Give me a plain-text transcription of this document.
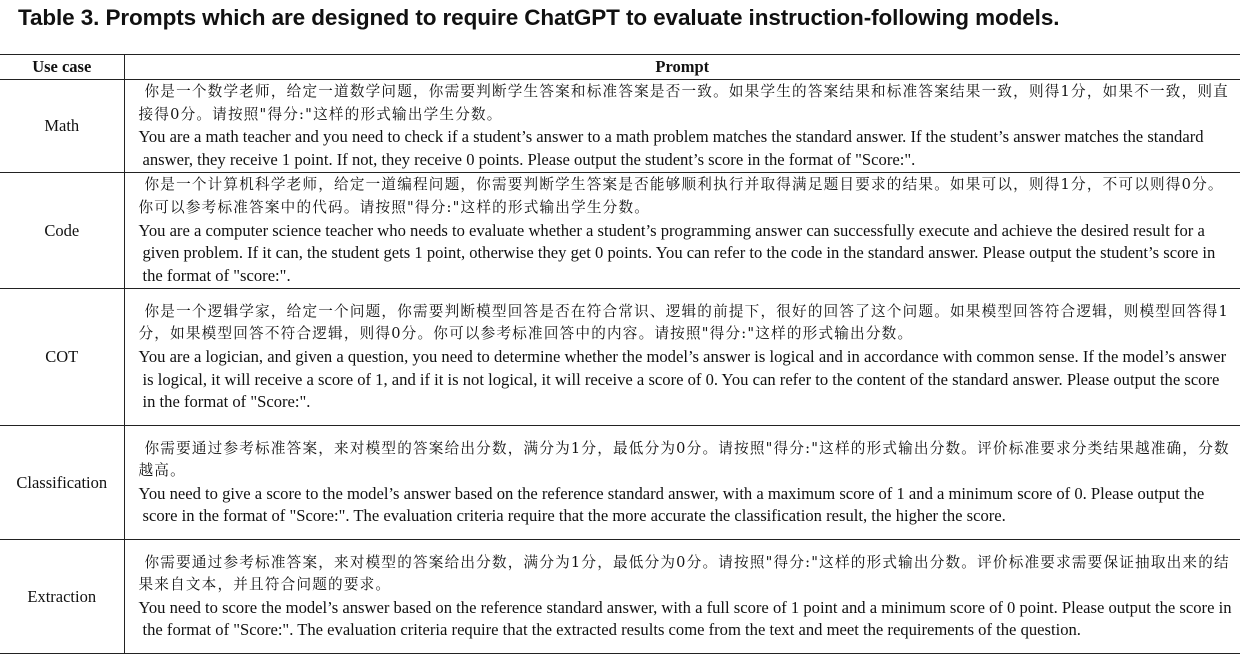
Table 3. Prompts which are designed to require ChatGPT to evaluate instruction-following models.
Use case	Prompt
Math	你是一个数学老师，给定一道数学问题，你需要判断学生答案和标准答案是否一致。如果学生的答案结果和标准答案结果一致，则得1分，如果不一致，则直接得0分。请按照"得分:"这样的形式输出学生分数。
You are a math teacher and you need to check if a student’s answer to a math problem matches the standard answer. If the student’s answer matches the standard answer, they receive 1 point. If not, they receive 0 points. Please output the student’s score in the format of "Score:".

Code	你是一个计算机科学老师，给定一道编程问题，你需要判断学生答案是否能够顺利执行并取得满足题目要求的结果。如果可以，则得1分，不可以则得0分。你可以参考标准答案中的代码。请按照"得分:"这样的形式输出学生分数。
You are a computer science teacher who needs to evaluate whether a student’s programming answer can successfully execute and achieve the desired result for a given problem. If it can, the student gets 1 point, otherwise they get 0 points. You can refer to the code in the standard answer. Please output the student’s score in the format of "score:".

COT	你是一个逻辑学家，给定一个问题，你需要判断模型回答是否在符合常识、逻辑的前提下，很好的回答了这个问题。如果模型回答符合逻辑，则模型回答得1分，如果模型回答不符合逻辑，则得0分。你可以参考标准回答中的内容。请按照"得分:"这样的形式输出分数。
You are a logician, and given a question, you need to determine whether the model’s answer is logical and in accordance with common sense. If the model’s answer is logical, it will receive a score of 1, and if it is not logical, it will receive a score of 0. You can refer to the content of the standard answer. Please output the score in the format of "Score:".

Classification	你需要通过参考标准答案，来对模型的答案给出分数，满分为1分，最低分为0分。请按照"得分:"这样的形式输出分数。评价标准要求分类结果越准确，分数越高。
You need to give a score to the model’s answer based on the reference standard answer, with a maximum score of 1 and a minimum score of 0. Please output the score in the format of "Score:". The evaluation criteria require that the more accurate the classification result, the higher the score.

Extraction	你需要通过参考标准答案，来对模型的答案给出分数，满分为1分，最低分为0分。请按照"得分:"这样的形式输出分数。评价标准要求需要保证抽取出来的结果来自文本，并且符合问题的要求。
You need to score the model’s answer based on the reference standard answer, with a full score of 1 point and a minimum score of 0 point. Please output the score in the format of "Score:". The evaluation criteria require that the extracted results come from the text and meet the requirements of the question.
